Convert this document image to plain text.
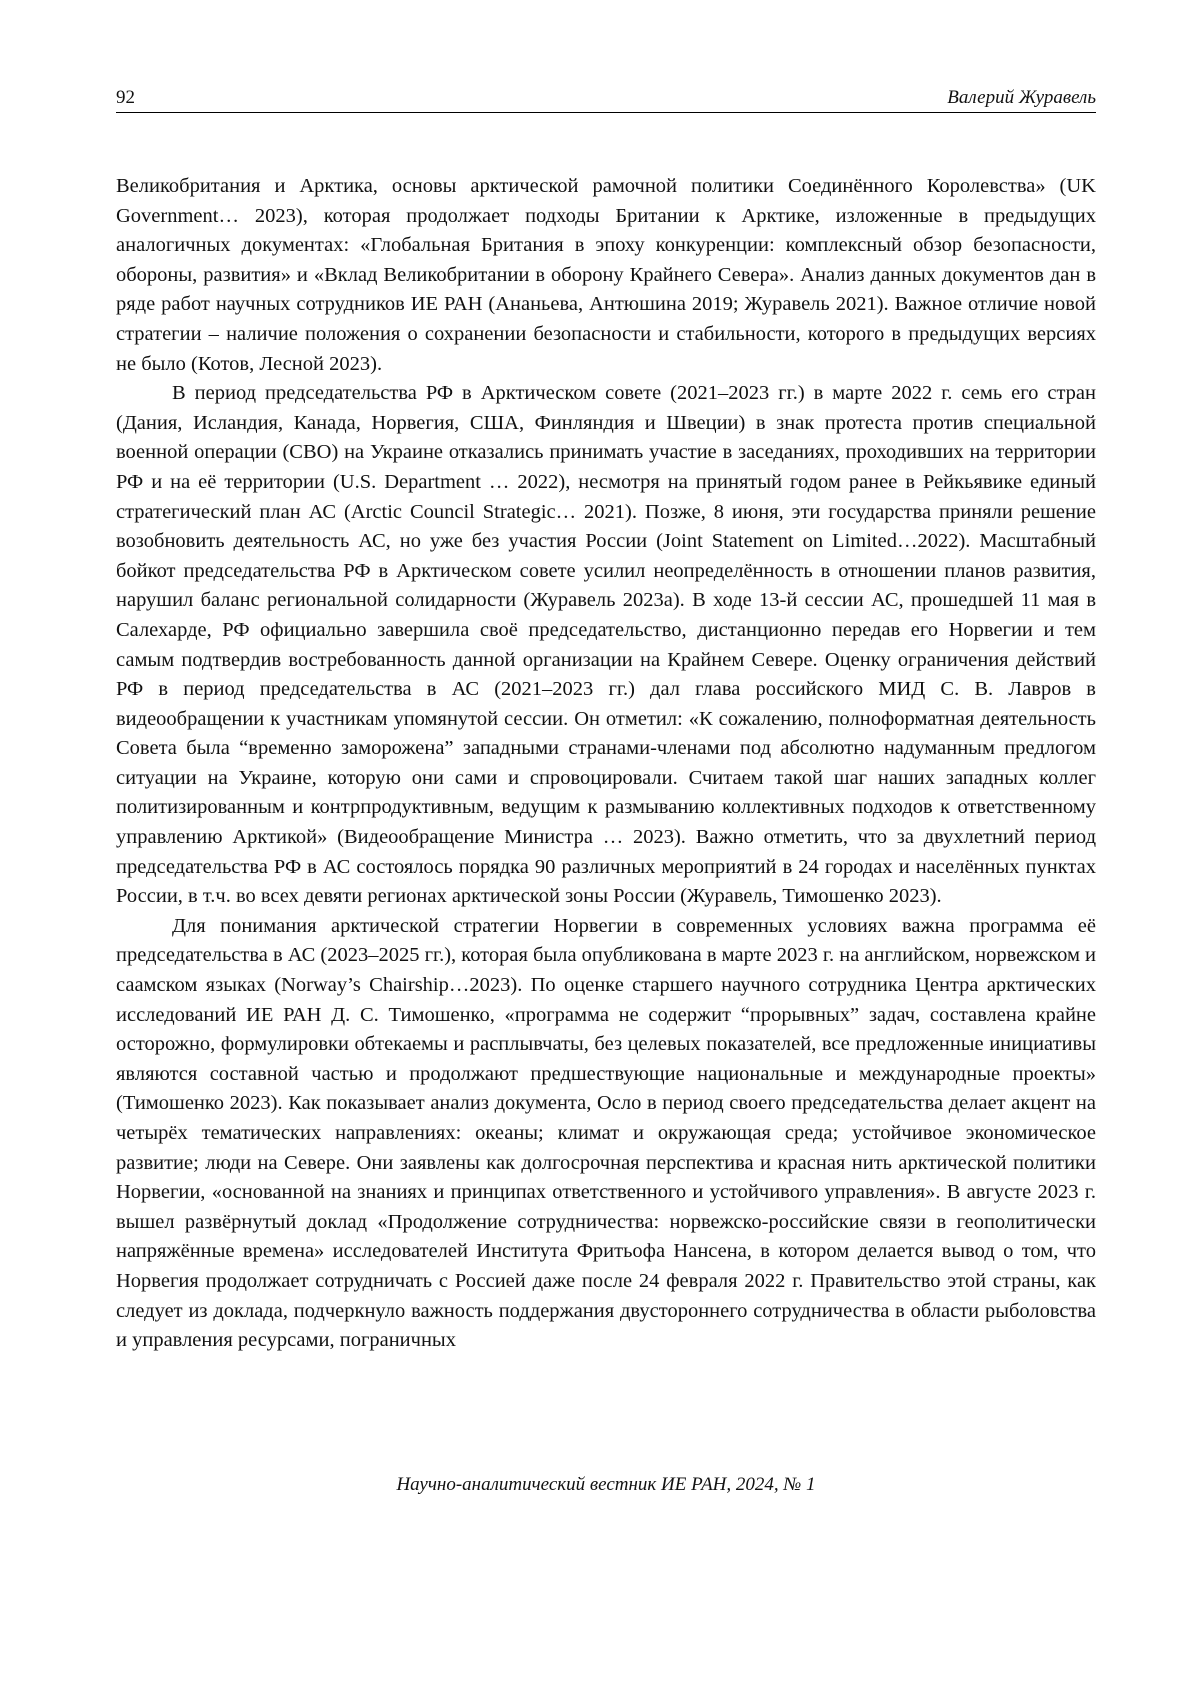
92	Валерий Журавель

Великобритания и Арктика, основы арктической рамочной политики Соединённого Королевства» (UK Government… 2023), которая продолжает подходы Британии к Арктике, изложенные в предыдущих аналогичных документах: «Глобальная Британия в эпоху конкуренции: комплексный обзор безопасности, обороны, развития» и «Вклад Великобритании в оборону Крайнего Севера». Анализ данных документов дан в ряде работ научных сотрудников ИЕ РАН (Ананьева, Антюшина 2019; Журавель 2021). Важное отличие новой стратегии – наличие положения о сохранении безопасности и стабильности, которого в предыдущих версиях не было (Котов, Лесной 2023).

В период председательства РФ в Арктическом совете (2021–2023 гг.) в марте 2022 г. семь его стран (Дания, Исландия, Канада, Норвегия, США, Финляндия и Швеции) в знак протеста против специальной военной операции (СВО) на Украине отказались принимать участие в заседаниях, проходивших на территории РФ и на её территории (U.S. Department … 2022), несмотря на принятый годом ранее в Рейкьявике единый стратегический план АС (Arctic Council Strategic… 2021). Позже, 8 июня, эти государства приняли решение возобновить деятельность АС, но уже без участия России (Joint Statement on Limited…2022). Масштабный бойкот председательства РФ в Арктическом совете усилил неопределённость в отношении планов развития, нарушил баланс региональной солидарности (Журавель 2023a). В ходе 13-й сессии АС, прошедшей 11 мая в Салехарде, РФ официально завершила своё председательство, дистанционно передав его Норвегии и тем самым подтвердив востребованность данной организации на Крайнем Севере. Оценку ограничения действий РФ в период председательства в АС (2021–2023 гг.) дал глава российского МИД С. В. Лавров в видеообращении к участникам упомянутой сессии. Он отметил: «К сожалению, полноформатная деятельность Совета была “временно заморожена” западными странами-членами под абсолютно надуманным предлогом ситуации на Украине, которую они сами и спровоцировали. Считаем такой шаг наших западных коллег политизированным и контрпродуктивным, ведущим к размыванию коллективных подходов к ответственному управлению Арктикой» (Видеообращение Министра … 2023). Важно отметить, что за двухлетний период председательства РФ в АС состоялось порядка 90 различных мероприятий в 24 городах и населённых пунктах России, в т.ч. во всех девяти регионах арктической зоны России (Журавель, Тимошенко 2023).

Для понимания арктической стратегии Норвегии в современных условиях важна программа её председательства в АС (2023–2025 гг.), которая была опубликована в марте 2023 г. на английском, норвежском и саамском языках (Norway’s Chairship…2023). По оценке старшего научного сотрудника Центра арктических исследований ИЕ РАН Д. С. Тимошенко, «программа не содержит “прорывных” задач, составлена крайне осторожно, формулировки обтекаемы и расплывчаты, без целевых показателей, все предложенные инициативы являются составной частью и продолжают предшествующие национальные и международные проекты» (Тимошенко 2023). Как показывает анализ документа, Осло в период своего председательства делает акцент на четырёх тематических направлениях: океаны; климат и окружающая среда; устойчивое экономическое развитие; люди на Севере. Они заявлены как долгосрочная перспектива и красная нить арктической политики Норвегии, «основанной на знаниях и принципах ответственного и устойчивого управления». В августе 2023 г. вышел развёрнутый доклад «Продолжение сотрудничества: норвежско-российские связи в геополитически напряжённые времена» исследователей Института Фритьофа Нансена, в котором делается вывод о том, что Норвегия продолжает сотрудничать с Россией даже после 24 февраля 2022 г. Правительство этой страны, как следует из доклада, подчеркнуло важность поддержания двустороннего сотрудничества в области рыболовства и управления ресурсами, пограничных

Научно-аналитический вестник ИЕ РАН, 2024, № 1
